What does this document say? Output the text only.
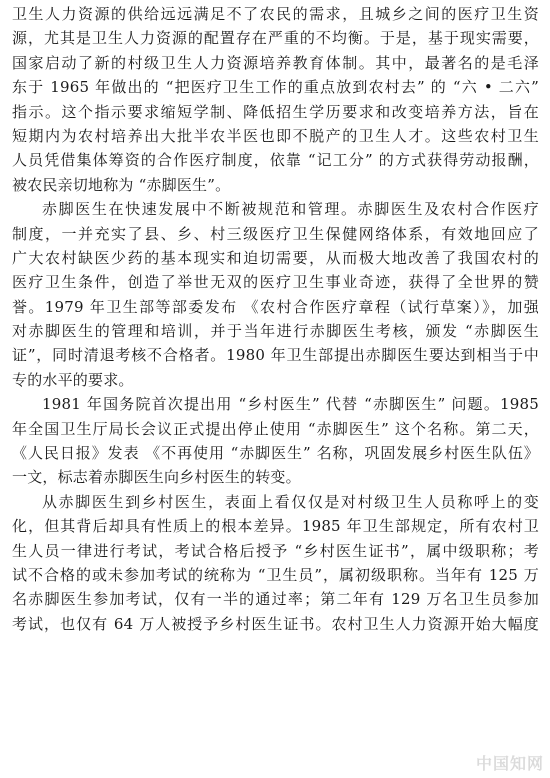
卫生人力资源的供给远远满足不了农民的需求，且城乡之间的医疗卫生资
源，尤其是卫生人力资源的配置存在严重的不均衡。于是，基于现实需要，
国家启动了新的村级卫生人力资源培养教育体制。其中，最著名的是毛泽
东于 1965 年做出的 “把医疗卫生工作的重点放到农村去” 的 “六 • 二六”
指示。这个指示要求缩短学制、降低招生学历要求和改变培养方法，旨在
短期内为农村培养出大批半农半医也即不脱产的卫生人才。这些农村卫生
人员凭借集体筹资的合作医疗制度，依靠 “记工分” 的方式获得劳动报酬，
被农民亲切地称为 “赤脚医生”。
赤脚医生在快速发展中不断被规范和管理。赤脚医生及农村合作医疗
制度，一并充实了县、乡、村三级医疗卫生保健网络体系，有效地回应了
广大农村缺医少药的基本现实和迫切需要，从而极大地改善了我国农村的
医疗卫生条件，创造了举世无双的医疗卫生事业奇迹，获得了全世界的赞
誉。1979 年卫生部等部委发布 《农村合作医疗章程（试行草案）》，加强
对赤脚医生的管理和培训，并于当年进行赤脚医生考核，颁发 “赤脚医生
证”，同时清退考核不合格者。1980 年卫生部提出赤脚医生要达到相当于中
专的水平的要求。
1981 年国务院首次提出用 “乡村医生” 代替 “赤脚医生” 问题。1985
年全国卫生厅局长会议正式提出停止使用 “赤脚医生” 这个名称。第二天，
《人民日报》发表 《不再使用 “赤脚医生” 名称，巩固发展乡村医生队伍》
一文，标志着赤脚医生向乡村医生的转变。
从赤脚医生到乡村医生，表面上看仅仅是对村级卫生人员称呼上的变
化，但其背后却具有性质上的根本差异。1985 年卫生部规定，所有农村卫
生人员一律进行考试，考试合格后授予 “乡村医生证书”，属中级职称；考
试不合格的或未参加考试的统称为 “卫生员”，属初级职称。当年有 125 万
名赤脚医生参加考试，仅有一半的通过率；第二年有 129 万名卫生员参加
考试，也仅有 64 万人被授予乡村医生证书。农村卫生人力资源开始大幅度
中国知网
